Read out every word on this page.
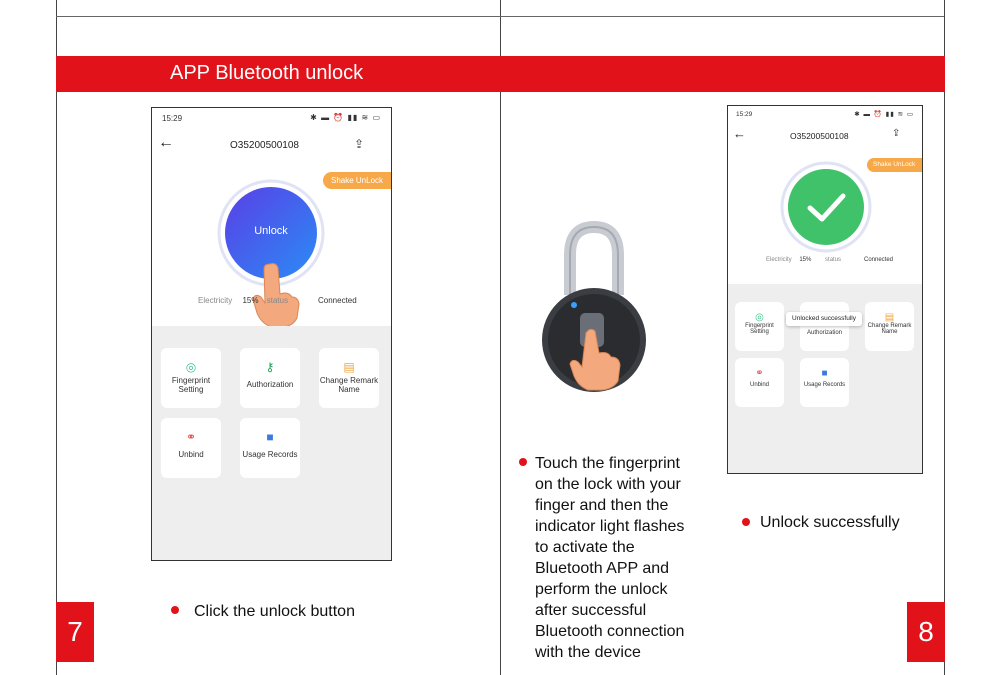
APP Bluetooth unlock
15:29	✱ ▬ ⏰ ▮▮ ≋ ▭
←	O35200500108	⇪
Shake UnLock
Unlock
Electricity 15% status	Connected
◎
Fingerprint
Setting
⚷
Authorization
▤
Change Remark
Name
⚭
Unbind
■
Usage Records
Click the unlock button
7
Touch the fingerprint
on the lock with your
finger and then the
indicator light flashes
to activate the
Bluetooth APP and
perform the unlock
after successful
Bluetooth connection
with the device
15:29	✱ ▬ ⏰ ▮▮ ≋ ▭
←	O35200500108	⇪
Shake UnLock
Electricity 15% status	Connected
◎
Fingerprint
Setting	Authorization
▤
Change Remark
Name
⚭
Unbind
■
Usage Records
Unlocked successfully
Unlock successfully
8
